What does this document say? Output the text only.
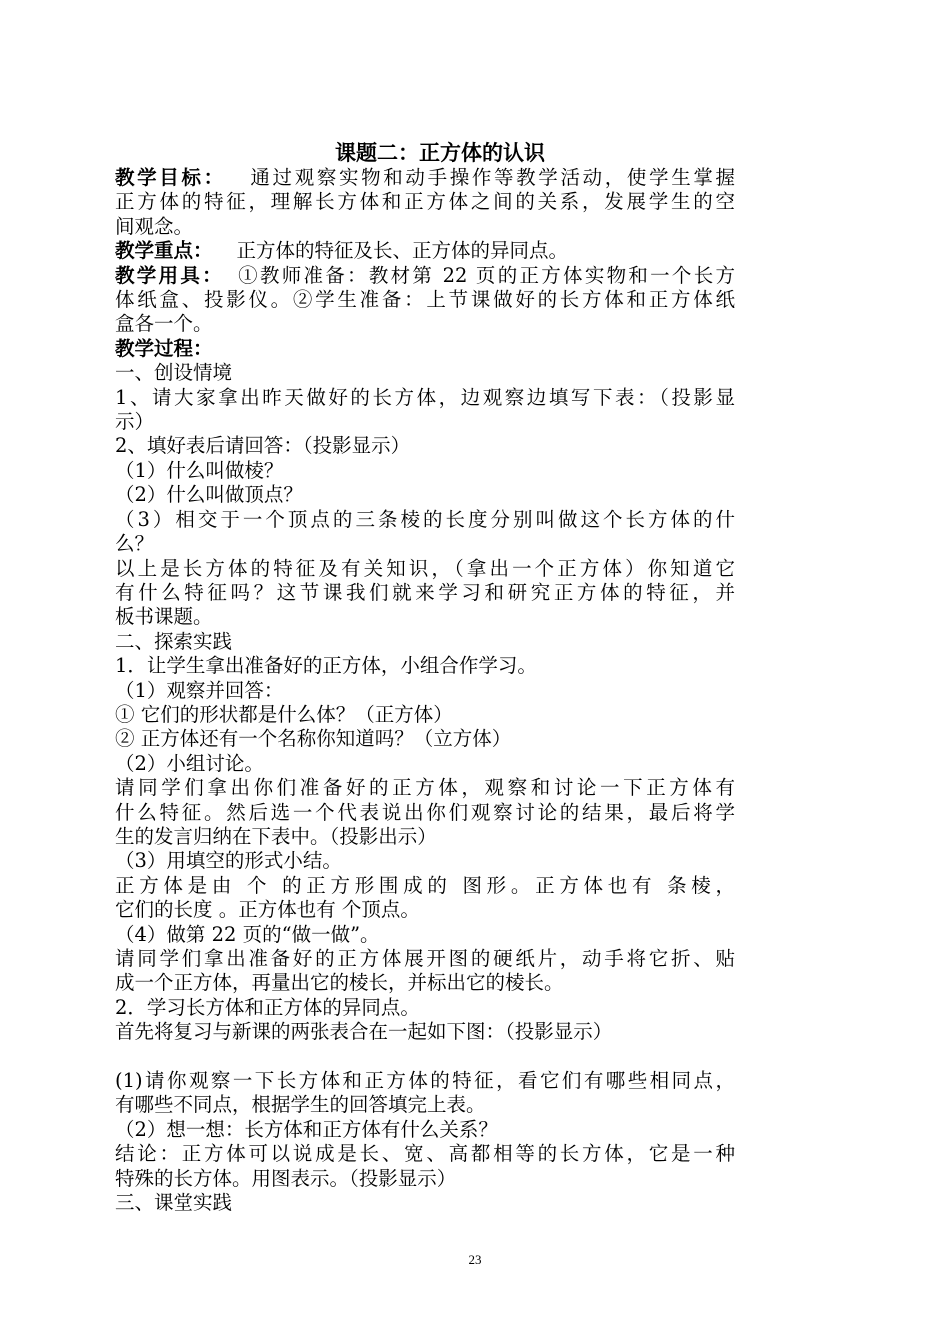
课题二：正方体的认识
教学目标： 通过观察实物和动手操作等教学活动，使学生掌握
正方体的特征，理解长方体和正方体之间的关系，发展学生的空
间观念。
教学重点： 正方体的特征及长、正方体的异同点。
教学用具： ①教师准备：教材第 22 页的正方体实物和一个长方
体纸盒、投影仪。②学生准备：上节课做好的长方体和正方体纸
盒各一个。
教学过程：
一、创设情境
1、请大家拿出昨天做好的长方体，边观察边填写下表：（投影显
示）
2、填好表后请回答：（投影显示）
（1）什么叫做棱？
（2）什么叫做顶点？
（3）相交于一个顶点的三条棱的长度分别叫做这个长方体的什
么？
以上是长方体的特征及有关知识，（拿出一个正方体）你知道它
有什么特征吗？这节课我们就来学习和研究正方体的特征，并
板书课题。
二、探索实践
1．让学生拿出准备好的正方体，小组合作学习。
（1）观察并回答：
① 它们的形状都是什么体？（正方体）
② 正方体还有一个名称你知道吗？（立方体）
（2）小组讨论。
请同学们拿出你们准备好的正方体，观察和讨论一下正方体有
什么特征。然后选一个代表说出你们观察讨论的结果，最后将学
生的发言归纳在下表中。（投影出示）
（3）用填空的形式小结。
正方体是由 个 的正方形围成的 图形。正方体也有 条棱，
它们的长度 。正方体也有 个顶点。
（4）做第 22 页的“做一做”。
请同学们拿出准备好的正方体展开图的硬纸片，动手将它折、贴
成一个正方体，再量出它的棱长，并标出它的棱长。
2．学习长方体和正方体的异同点。
首先将复习与新课的两张表合在一起如下图：（投影显示）
(1)请你观察一下长方体和正方体的特征，看它们有哪些相同点，
有哪些不同点，根据学生的回答填完上表。
（2）想一想：长方体和正方体有什么关系？
结论：正方体可以说成是长、宽、高都相等的长方体，它是一种
特殊的长方体。用图表示。（投影显示）
三、课堂实践
23
